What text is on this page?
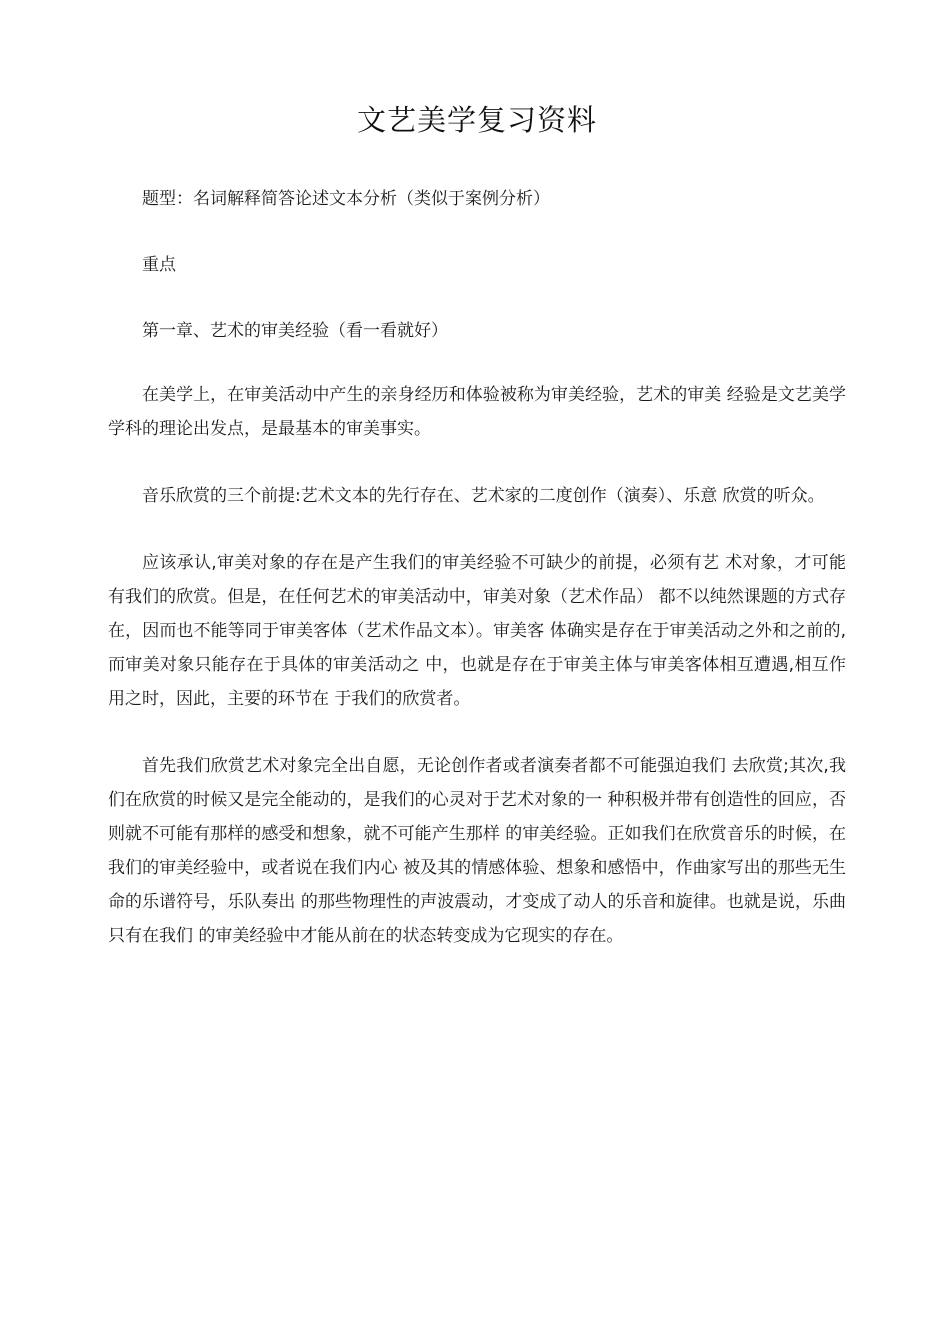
文艺美学复习资料

题型：名词解释简答论述文本分析（类似于案例分析）

重点

第一章、艺术的审美经验（看一看就好）

在美学上，在审美活动中产生的亲身经历和体验被称为审美经验，艺术的审美 经验是文艺美学学科的理论出发点，是最基本的审美事实。

音乐欣赏的三个前提:艺术文本的先行存在、艺术家的二度创作（演奏）、乐意 欣赏的听众。

应该承认,审美对象的存在是产生我们的审美经验不可缺少的前提，必须有艺 术对象，才可能有我们的欣赏。但是，在任何艺术的审美活动中，审美对象（艺术作品） 都不以纯然课题的方式存在，因而也不能等同于审美客体（艺术作品文本）。审美客 体确实是存在于审美活动之外和之前的,而审美对象只能存在于具体的审美活动之 中，也就是存在于审美主体与审美客体相互遭遇,相互作用之时，因此，主要的环节在 于我们的欣赏者。

首先我们欣赏艺术对象完全出自愿，无论创作者或者演奏者都不可能强迫我们 去欣赏;其次,我们在欣赏的时候又是完全能动的，是我们的心灵对于艺术对象的一 种积极并带有创造性的回应，否则就不可能有那样的感受和想象，就不可能产生那样 的审美经验。正如我们在欣赏音乐的时候，在我们的审美经验中，或者说在我们内心 被及其的情感体验、想象和感悟中，作曲家写出的那些无生命的乐谱符号，乐队奏出 的那些物理性的声波震动，才变成了动人的乐音和旋律。也就是说，乐曲只有在我们 的审美经验中才能从前在的状态转变成为它现实的存在。
